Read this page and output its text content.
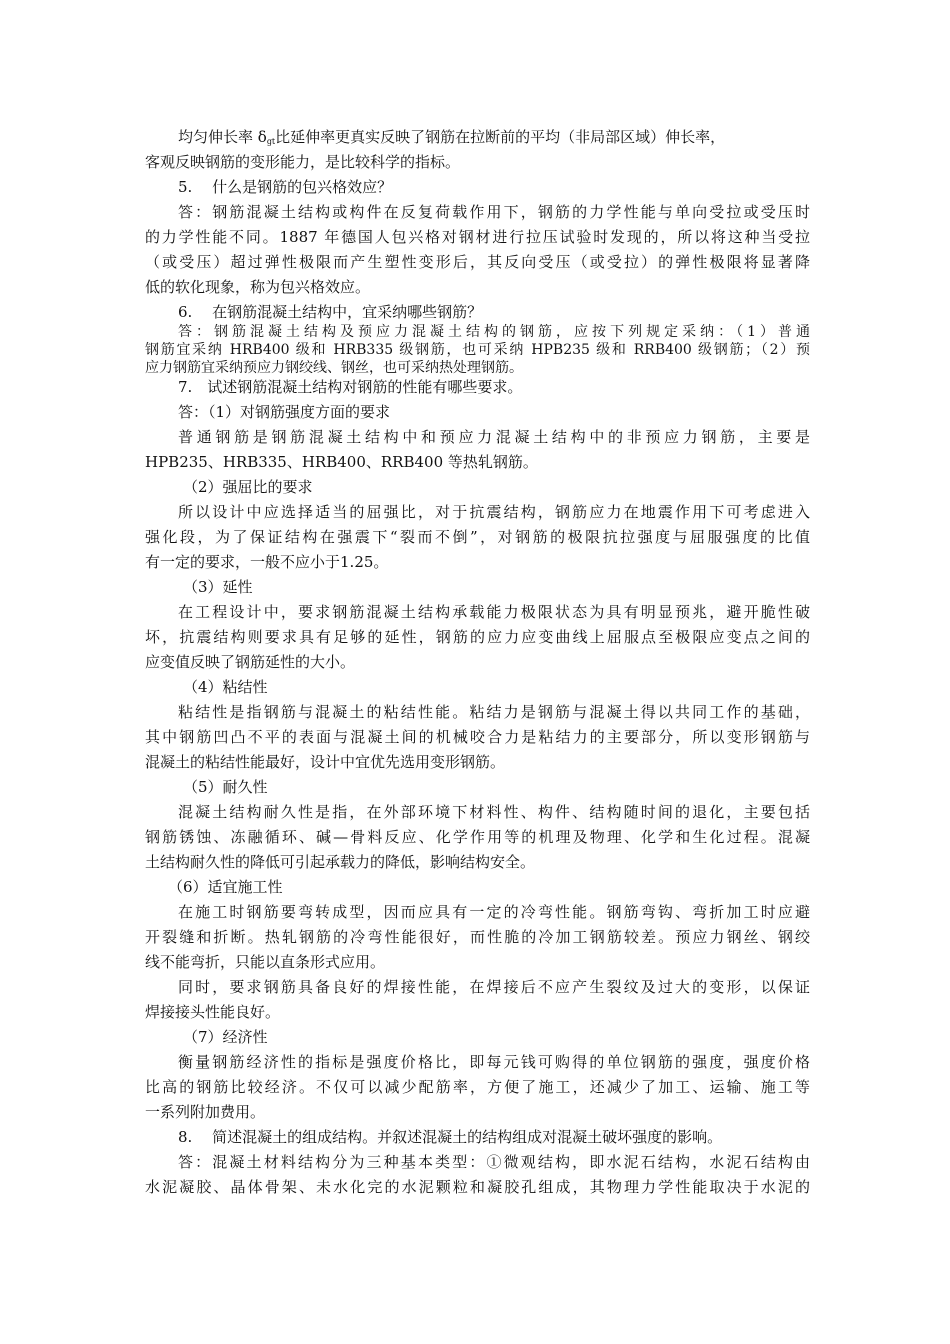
均匀伸长率 $\delta_{gt}$比延伸率更真实反映了钢筋在拉断前的平均（非局部区域）伸长率，
客观反映钢筋的变形能力，是比较科学的指标。
5.　 什么是钢筋的包兴格效应？
答：钢筋混凝土结构或构件在反复荷载作用下，钢筋的力学性能与单向受拉或受压时
的力学性能不同。1887 年德国人包兴格对钢材进行拉压试验时发现的，所以将这种当受拉
（或受压）超过弹性极限而产生塑性变形后，其反向受压（或受拉）的弹性极限将显著降
低的软化现象，称为包兴格效应。
6.　 在钢筋混凝土结构中，宜采纳哪些钢筋？
答：钢筋混凝土结构及预应力混凝土结构的钢筋，应按下列规定采纳：（1）普通
钢筋宜采纳 HRB400 级和 HRB335 级钢筋，也可采纳 HPB235 级和 RRB400 级钢筋；（2）预
应力钢筋宜采纳预应力钢绞线、钢丝，也可采纳热处理钢筋。
7.　试述钢筋混凝土结构对钢筋的性能有哪些要求。
答：（1）对钢筋强度方面的要求
普通钢筋是钢筋混凝土结构中和预应力混凝土结构中的非预应力钢筋，主要是
HPB235、HRB335、HRB400、RRB400 等热轧钢筋。
（2）强屈比的要求
所以设计中应选择适当的屈强比，对于抗震结构，钢筋应力在地震作用下可考虑进入
强化段，为了保证结构在强震下“裂而不倒”，对钢筋的极限抗拉强度与屈服强度的比值
有一定的要求，一般不应小于1.25。
（3）延性
在工程设计中，要求钢筋混凝土结构承载能力极限状态为具有明显预兆，避开脆性破
坏，抗震结构则要求具有足够的延性，钢筋的应力应变曲线上屈服点至极限应变点之间的
应变值反映了钢筋延性的大小。
（4）粘结性
粘结性是指钢筋与混凝土的粘结性能。粘结力是钢筋与混凝土得以共同工作的基础，
其中钢筋凹凸不平的表面与混凝土间的机械咬合力是粘结力的主要部分，所以变形钢筋与
混凝土的粘结性能最好，设计中宜优先选用变形钢筋。
（5）耐久性
混凝土结构耐久性是指，在外部环境下材料性、构件、结构随时间的退化，主要包括
钢筋锈蚀、冻融循环、碱—骨料反应、化学作用等的机理及物理、化学和生化过程。混凝
土结构耐久性的降低可引起承载力的降低，影响结构安全。
（6）适宜施工性
在施工时钢筋要弯转成型，因而应具有一定的冷弯性能。钢筋弯钩、弯折加工时应避
开裂缝和折断。热轧钢筋的冷弯性能很好，而性脆的冷加工钢筋较差。预应力钢丝、钢绞
线不能弯折，只能以直条形式应用。
同时，要求钢筋具备良好的焊接性能，在焊接后不应产生裂纹及过大的变形，以保证
焊接接头性能良好。
（7）经济性
衡量钢筋经济性的指标是强度价格比，即每元钱可购得的单位钢筋的强度，强度价格
比高的钢筋比较经济。不仅可以减少配筋率，方便了施工，还减少了加工、运输、施工等
一系列附加费用。
8.　 简述混凝土的组成结构。并叙述混凝土的结构组成对混凝土破坏强度的影响。
答：混凝土材料结构分为三种基本类型：①微观结构，即水泥石结构，水泥石结构由
水泥凝胶、晶体骨架、未水化完的水泥颗粒和凝胶孔组成，其物理力学性能取决于水泥的
